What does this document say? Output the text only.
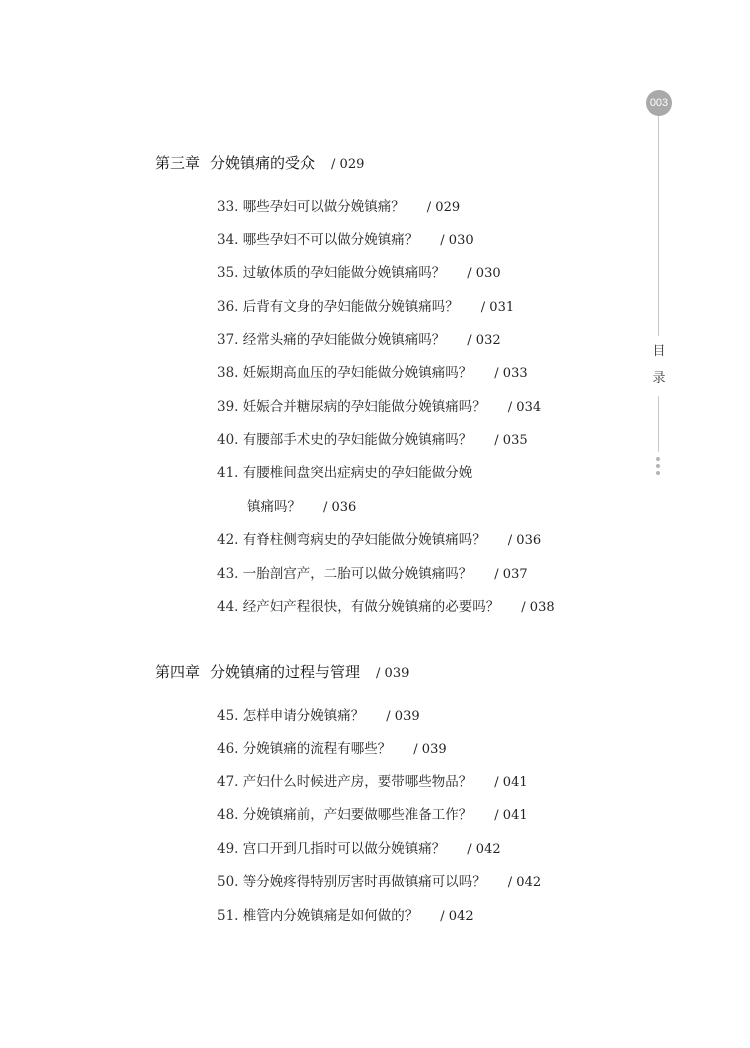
003
目
录
第三章 分娩镇痛的受众 / 029
33. 哪些孕妇可以做分娩镇痛？ / 029
34. 哪些孕妇不可以做分娩镇痛？ / 030
35. 过敏体质的孕妇能做分娩镇痛吗？ / 030
36. 后背有文身的孕妇能做分娩镇痛吗？ / 031
37. 经常头痛的孕妇能做分娩镇痛吗？ / 032
38. 妊娠期高血压的孕妇能做分娩镇痛吗？ / 033
39. 妊娠合并糖尿病的孕妇能做分娩镇痛吗？ / 034
40. 有腰部手术史的孕妇能做分娩镇痛吗？ / 035
41. 有腰椎间盘突出症病史的孕妇能做分娩
镇痛吗？ / 036
42. 有脊柱侧弯病史的孕妇能做分娩镇痛吗？ / 036
43. 一胎剖宫产，二胎可以做分娩镇痛吗？ / 037
44. 经产妇产程很快，有做分娩镇痛的必要吗？ / 038
第四章 分娩镇痛的过程与管理 / 039
45. 怎样申请分娩镇痛？ / 039
46. 分娩镇痛的流程有哪些？ / 039
47. 产妇什么时候进产房，要带哪些物品？ / 041
48. 分娩镇痛前，产妇要做哪些准备工作？ / 041
49. 宫口开到几指时可以做分娩镇痛？ / 042
50. 等分娩疼得特别厉害时再做镇痛可以吗？ / 042
51. 椎管内分娩镇痛是如何做的？ / 042
